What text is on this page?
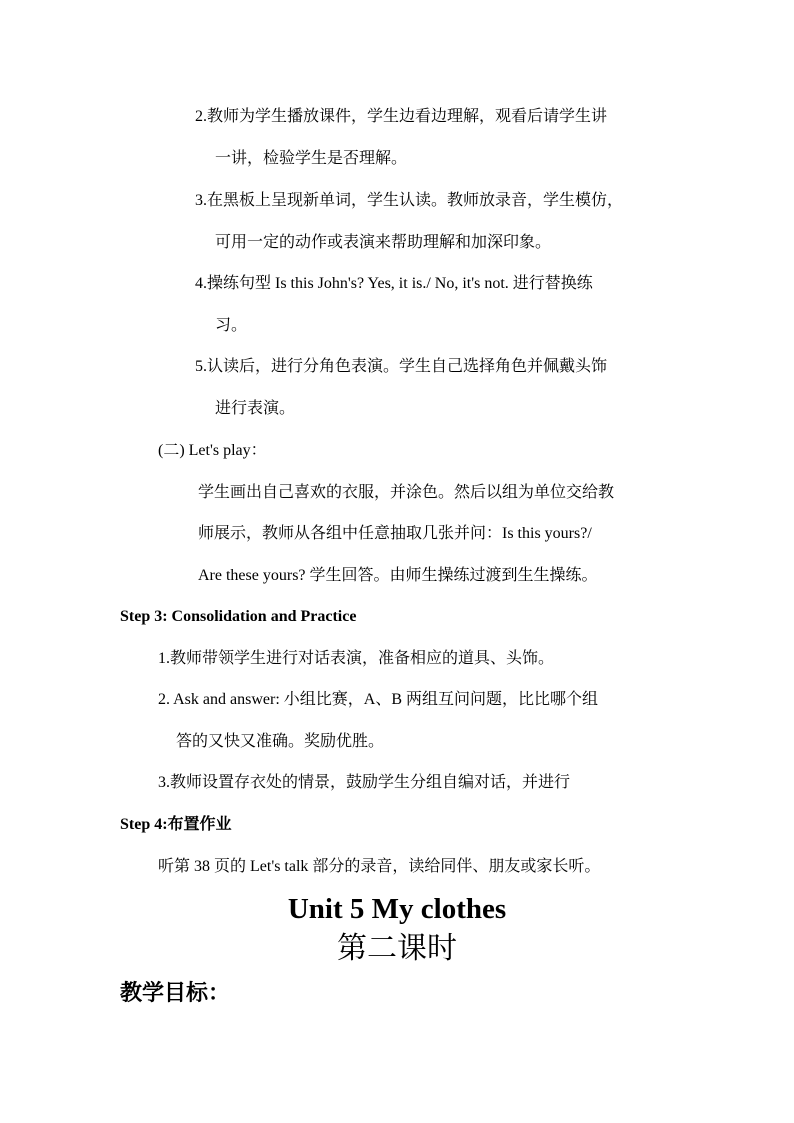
2.教师为学生播放课件，学生边看边理解，观看后请学生讲
一讲，检验学生是否理解。
3.在黑板上呈现新单词，学生认读。教师放录音，学生模仿，
可用一定的动作或表演来帮助理解和加深印象。
4.操练句型 Is this John's? Yes, it is./ No, it's not. 进行替换练
习。
5.认读后，进行分角色表演。学生自己选择角色并佩戴头饰
进行表演。
(二) Let's play：
学生画出自己喜欢的衣服，并涂色。然后以组为单位交给教
师展示，教师从各组中任意抽取几张并问：Is this yours?/
Are these yours? 学生回答。由师生操练过渡到生生操练。
Step 3: Consolidation and Practice
1.教师带领学生进行对话表演，准备相应的道具、头饰。
2. Ask and answer: 小组比赛，A、B 两组互问问题，比比哪个组
答的又快又准确。奖励优胜。
3.教师设置存衣处的情景，鼓励学生分组自编对话，并进行
Step 4:布置作业
听第 38 页的 Let's talk 部分的录音，读给同伴、朋友或家长听。
Unit 5 My clothes
第二课时
教学目标：
